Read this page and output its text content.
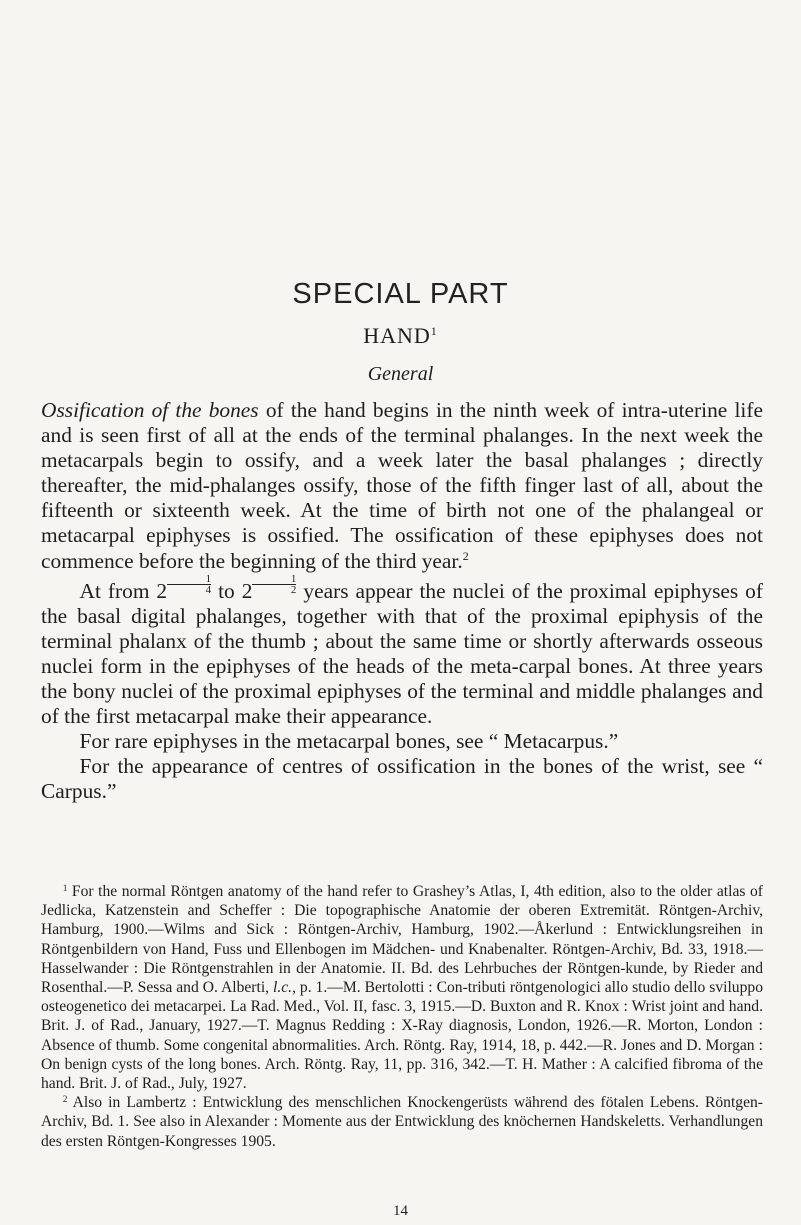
SPECIAL PART
HAND$^1$
General

Ossification of the bones of the hand begins in the ninth week of intra-uterine life and is seen first of all at the ends of the terminal phalanges. In the next week the metacarpals begin to ossify, and a week later the basal phalanges ; directly thereafter, the mid-phalanges ossify, those of the fifth finger last of all, about the fifteenth or sixteenth week. At the time of birth not one of the phalangeal or metacarpal epiphyses is ossified. The ossification of these epiphyses does not commence before the beginning of the third year.$^2$

At from $2\frac{1}{4}$ to $2\frac{1}{2}$ years appear the nuclei of the proximal epiphyses of the basal digital phalanges, together with that of the proximal epiphysis of the terminal phalanx of the thumb ; about the same time or shortly afterwards osseous nuclei form in the epiphyses of the heads of the meta-carpal bones. At three years the bony nuclei of the proximal epiphyses of the terminal and middle phalanges and of the first metacarpal make their appearance.

For rare epiphyses in the metacarpal bones, see “ Metacarpus.”

For the appearance of centres of ossification in the bones of the wrist, see “ Carpus.”

$^1$ For the normal Röntgen anatomy of the hand refer to Grashey’s Atlas, I, 4th edition, also to the older atlas of Jedlicka, Katzenstein and Scheffer : Die topographische Anatomie der oberen Extremität. Röntgen-Archiv, Hamburg, 1900.—Wilms and Sick : Röntgen-Archiv, Hamburg, 1902.—Åkerlund : Entwicklungsreihen in Röntgenbildern von Hand, Fuss und Ellenbogen im Mädchen- und Knabenalter. Röntgen-Archiv, Bd. 33, 1918.—Hasselwander : Die Röntgenstrahlen in der Anatomie. II. Bd. des Lehrbuches der Röntgen-kunde, by Rieder and Rosenthal.—P. Sessa and O. Alberti, l.c., p. 1.—M. Bertolotti : Con-tributi röntgenologici allo studio dello sviluppo osteogenetico dei metacarpei. La Rad. Med., Vol. II, fasc. 3, 1915.—D. Buxton and R. Knox : Wrist joint and hand. Brit. J. of Rad., January, 1927.—T. Magnus Redding : X-Ray diagnosis, London, 1926.—R. Morton, London : Absence of thumb. Some congenital abnormalities. Arch. Röntg. Ray, 1914, 18, p. 442.—R. Jones and D. Morgan : On benign cysts of the long bones. Arch. Röntg. Ray, 11, pp. 316, 342.—T. H. Mather : A calcified fibroma of the hand. Brit. J. of Rad., July, 1927.

$^2$ Also in Lambertz : Entwicklung des menschlichen Knockengerüsts während des fötalen Lebens. Röntgen-Archiv, Bd. 1. See also in Alexander : Momente aus der Entwicklung des knöchernen Handskeletts. Verhandlungen des ersten Röntgen-Kongresses 1905.

14
